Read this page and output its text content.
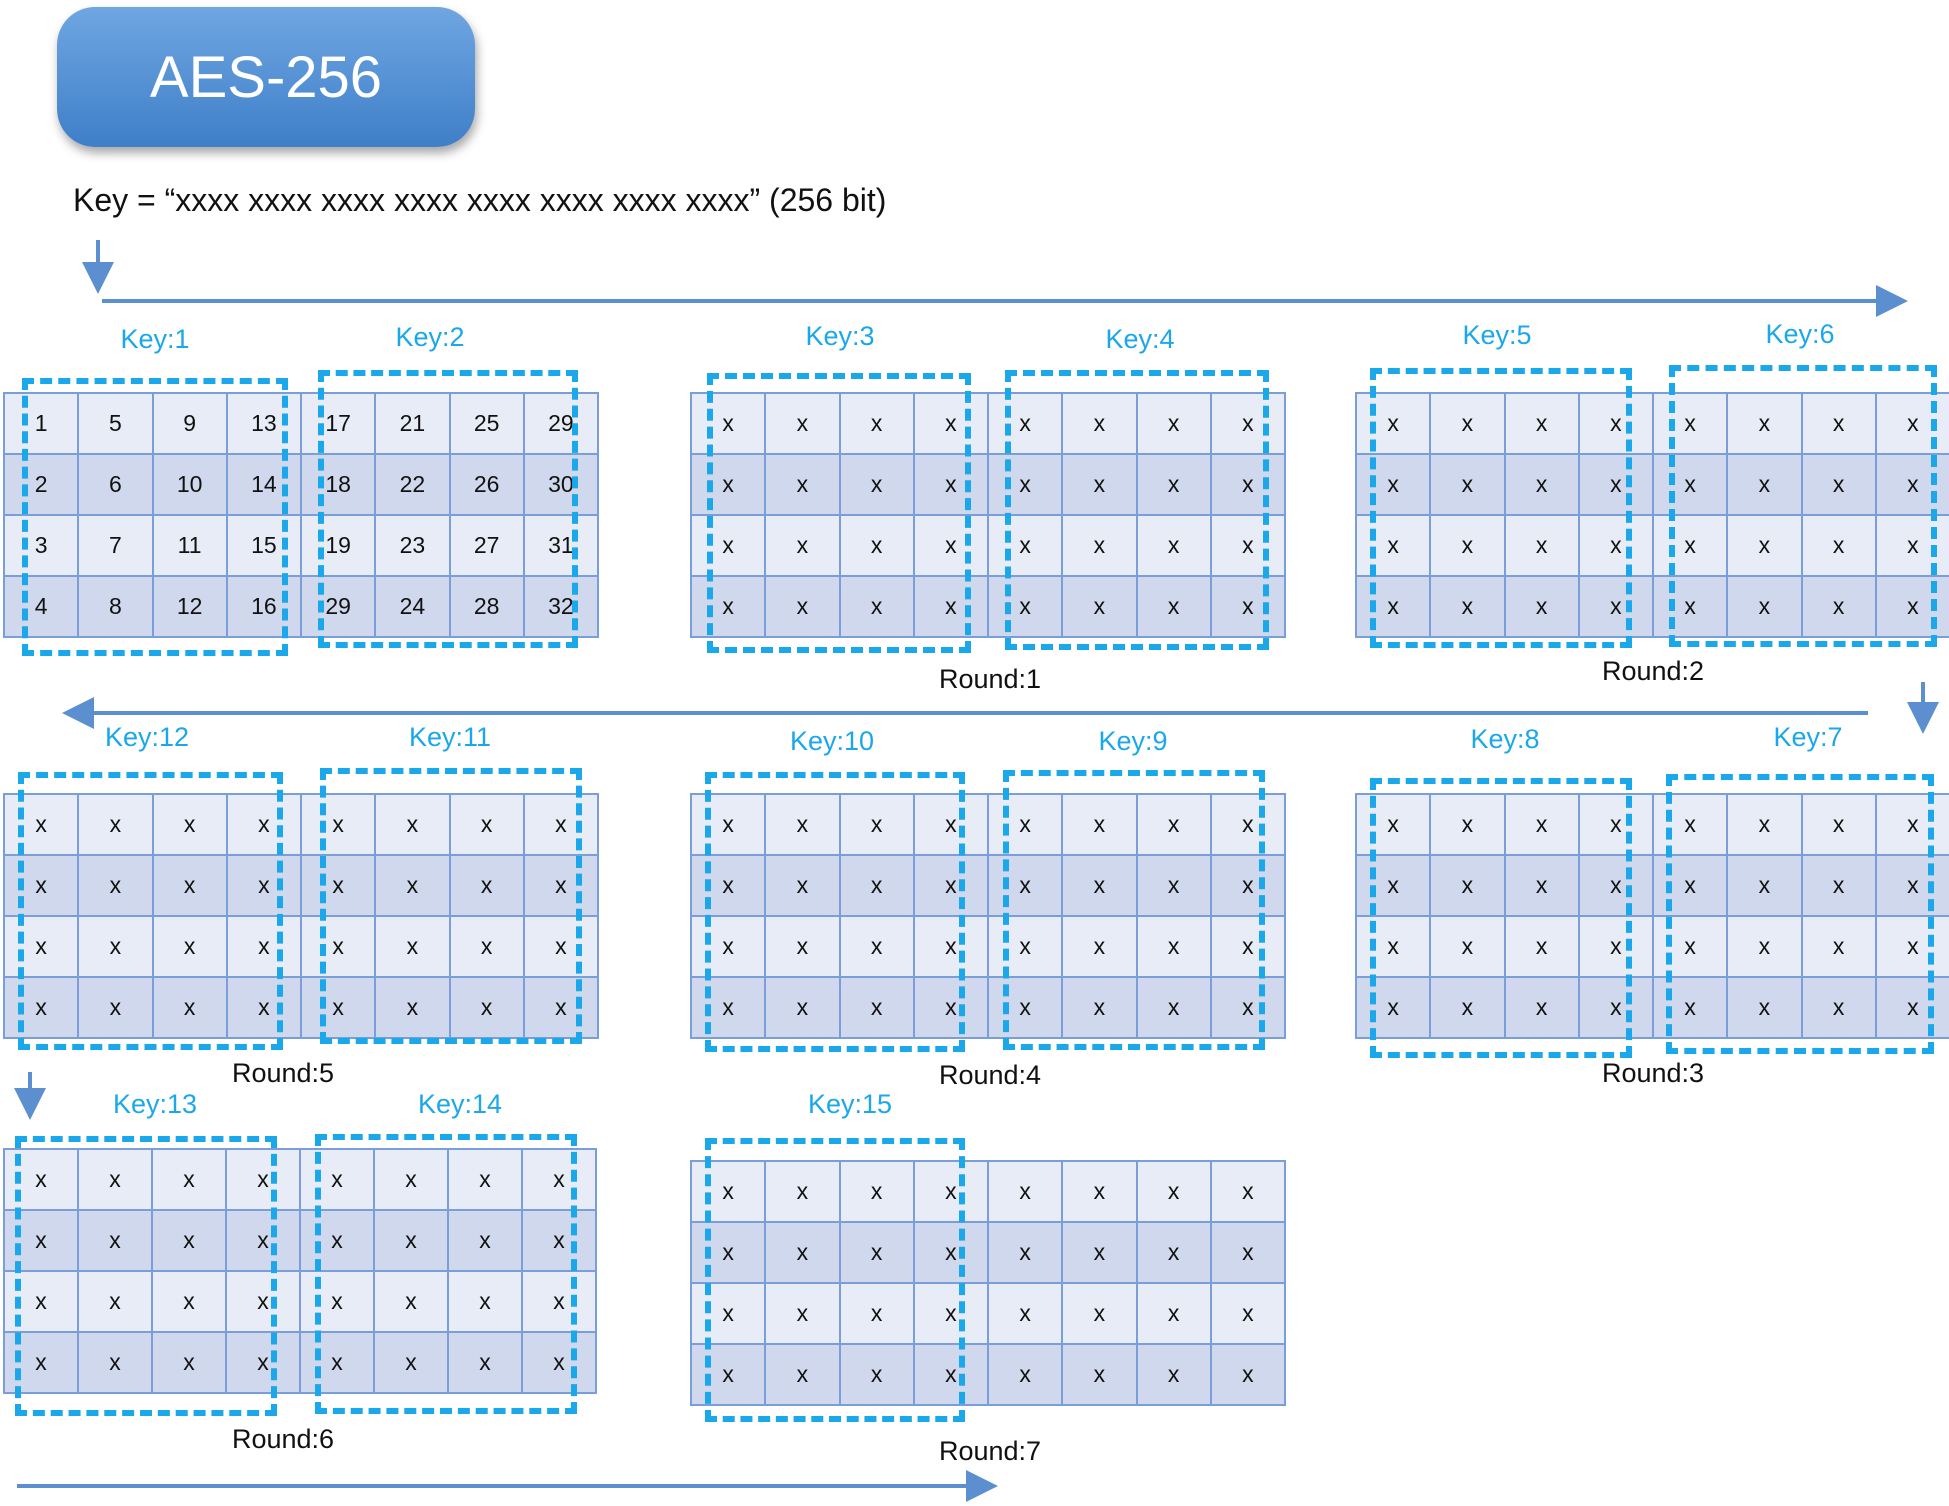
AES-256
Key = “xxxx xxxx xxxx xxxx xxxx xxxx xxxx xxxx” (256 bit)
1	5	9	13	17	21	25	29
2	6	10	14	18	22	26	30
3	7	11	15	19	23	27	31
4	8	12	16	29	24	28	32
Key:1	Key:2
x	x	x	x	x	x	x	x
x	x	x	x	x	x	x	x
x	x	x	x	x	x	x	x
x	x	x	x	x	x	x	x
Key:3	Key:4
Round:1
x	x	x	x	x	x	x	x
x	x	x	x	x	x	x	x
x	x	x	x	x	x	x	x
x	x	x	x	x	x	x	x
Key:5	Key:6
Round:2
x	x	x	x	x	x	x	x
x	x	x	x	x	x	x	x
x	x	x	x	x	x	x	x
x	x	x	x	x	x	x	x
Key:12	Key:11
Round:5
x	x	x	x	x	x	x	x
x	x	x	x	x	x	x	x
x	x	x	x	x	x	x	x
x	x	x	x	x	x	x	x
Key:10	Key:9
Round:4
x	x	x	x	x	x	x	x
x	x	x	x	x	x	x	x
x	x	x	x	x	x	x	x
x	x	x	x	x	x	x	x
Key:8	Key:7
Round:3
x	x	x	x	x	x	x	x
x	x	x	x	x	x	x	x
x	x	x	x	x	x	x	x
x	x	x	x	x	x	x	x
Key:13	Key:14
Round:6
x	x	x	x	x	x	x	x
x	x	x	x	x	x	x	x
x	x	x	x	x	x	x	x
x	x	x	x	x	x	x	x
Key:15
Round:7
